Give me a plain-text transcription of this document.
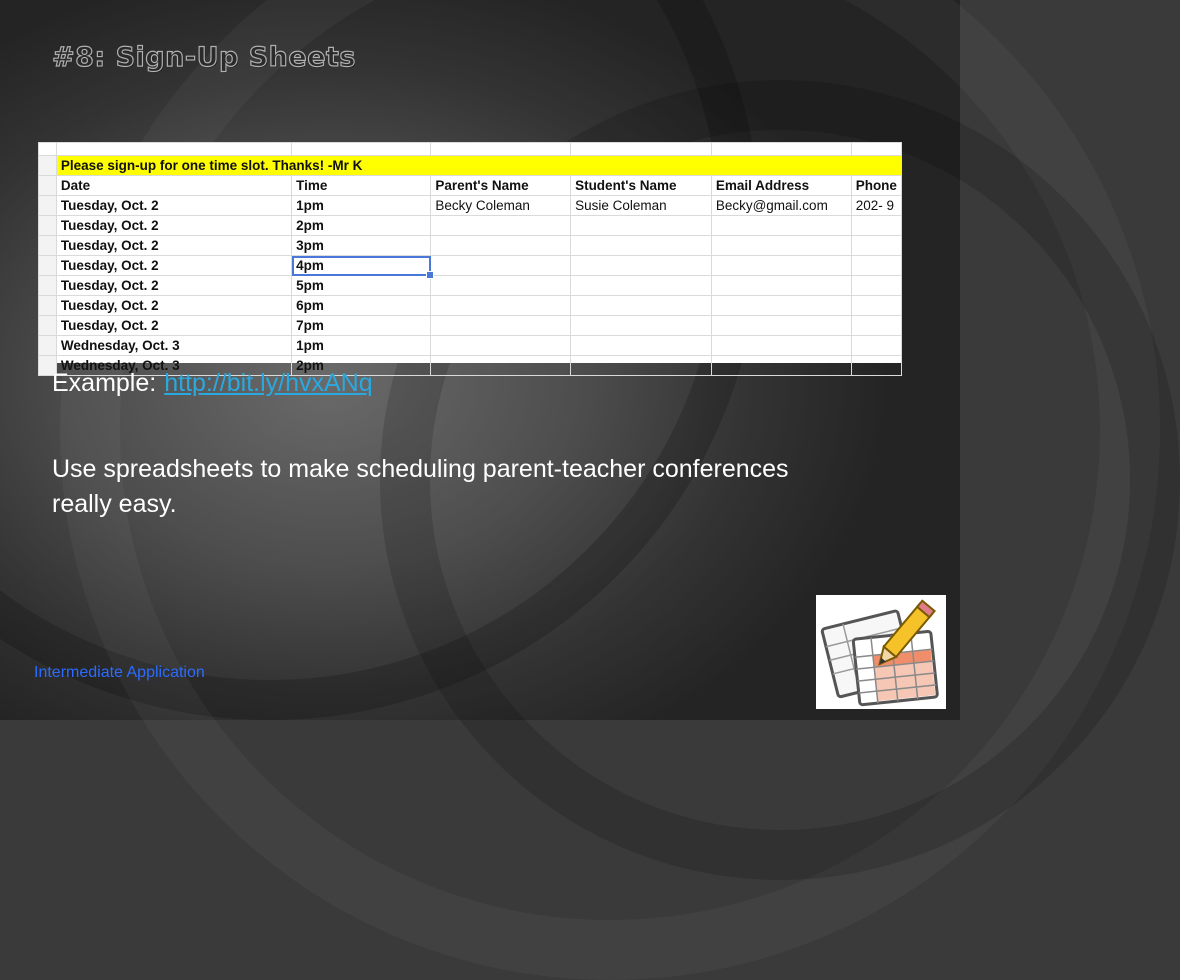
#8: Sign-Up Sheets

	Please sign-up for one time slot. Thanks! -Mr K					
	Date	Time	Parent's Name	Student's Name	Email Address	Phone
	Tuesday, Oct. 2	1pm	Becky Coleman	Susie Coleman	Becky@gmail.com	202- 9
	Tuesday, Oct. 2	2pm				
	Tuesday, Oct. 2	3pm				
	Tuesday, Oct. 2	4pm

	Tuesday, Oct. 2	5pm				
	Tuesday, Oct. 2	6pm				
	Tuesday, Oct. 2	7pm				
	Wednesday, Oct. 3	1pm				
	Wednesday, Oct. 3	2pm				
Example: http://bit.ly/hvxANq
Use spreadsheets to make scheduling parent-teacher conferences really easy.
Intermediate Application
